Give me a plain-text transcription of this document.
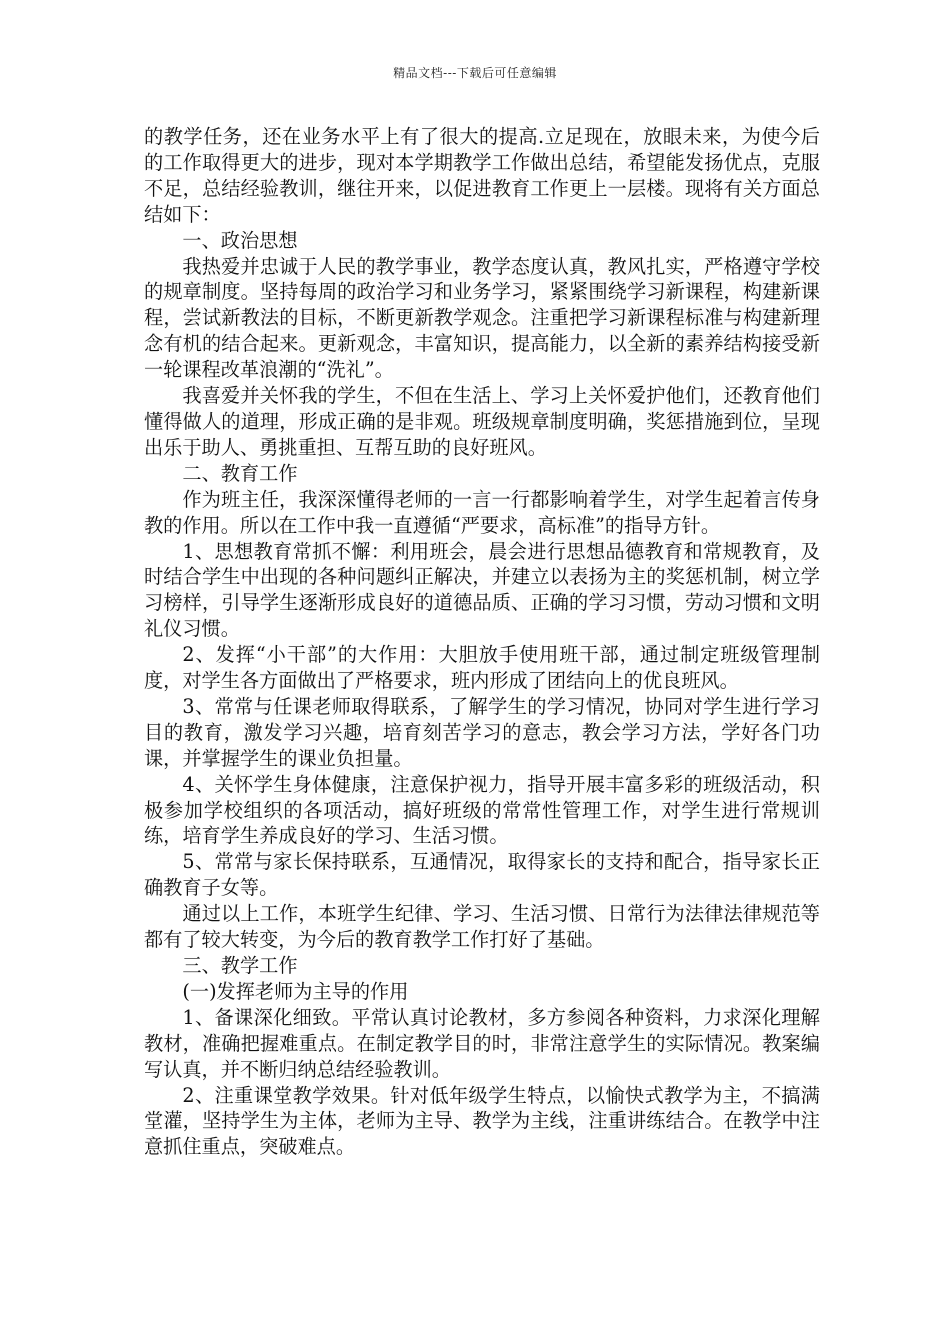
精品文档---下载后可任意编辑

的教学任务，还在业务水平上有了很大的提高.立足现在，放眼未来，为使今后的工作取得更大的进步，现对本学期教学工作做出总结，希望能发扬优点，克服不足，总结经验教训，继往开来，以促进教育工作更上一层楼。现将有关方面总结如下：

一、政治思想

我热爱并忠诚于人民的教学事业，教学态度认真，教风扎实，严格遵守学校的规章制度。坚持每周的政治学习和业务学习，紧紧围绕学习新课程，构建新课程，尝试新教法的目标，不断更新教学观念。注重把学习新课程标准与构建新理念有机的结合起来。更新观念，丰富知识，提高能力，以全新的素养结构接受新一轮课程改革浪潮的“洗礼”。

我喜爱并关怀我的学生，不但在生活上、学习上关怀爱护他们，还教育他们懂得做人的道理，形成正确的是非观。班级规章制度明确，奖惩措施到位，呈现出乐于助人、勇挑重担、互帮互助的良好班风。

二、教育工作

作为班主任，我深深懂得老师的一言一行都影响着学生，对学生起着言传身教的作用。所以在工作中我一直遵循“严要求，高标准”的指导方针。

1、思想教育常抓不懈：利用班会，晨会进行思想品德教育和常规教育，及时结合学生中出现的各种问题纠正解决，并建立以表扬为主的奖惩机制，树立学习榜样，引导学生逐渐形成良好的道德品质、正确的学习习惯，劳动习惯和文明礼仪习惯。

2、发挥“小干部”的大作用：大胆放手使用班干部，通过制定班级管理制度，对学生各方面做出了严格要求，班内形成了团结向上的优良班风。

3、常常与任课老师取得联系，了解学生的学习情况，协同对学生进行学习目的教育，激发学习兴趣，培育刻苦学习的意志，教会学习方法，学好各门功课，并掌握学生的课业负担量。

4、关怀学生身体健康，注意保护视力，指导开展丰富多彩的班级活动，积极参加学校组织的各项活动，搞好班级的常常性管理工作，对学生进行常规训练，培育学生养成良好的学习、生活习惯。

5、常常与家长保持联系，互通情况，取得家长的支持和配合，指导家长正确教育子女等。

通过以上工作，本班学生纪律、学习、生活习惯、日常行为法律法律规范等都有了较大转变，为今后的教育教学工作打好了基础。

三、教学工作

(一)发挥老师为主导的作用

1、备课深化细致。平常认真讨论教材，多方参阅各种资料，力求深化理解教材，准确把握难重点。在制定教学目的时，非常注意学生的实际情况。教案编写认真，并不断归纳总结经验教训。

2、注重课堂教学效果。针对低年级学生特点，以愉快式教学为主，不搞满堂灌，坚持学生为主体，老师为主导、教学为主线，注重讲练结合。在教学中注意抓住重点，突破难点。
